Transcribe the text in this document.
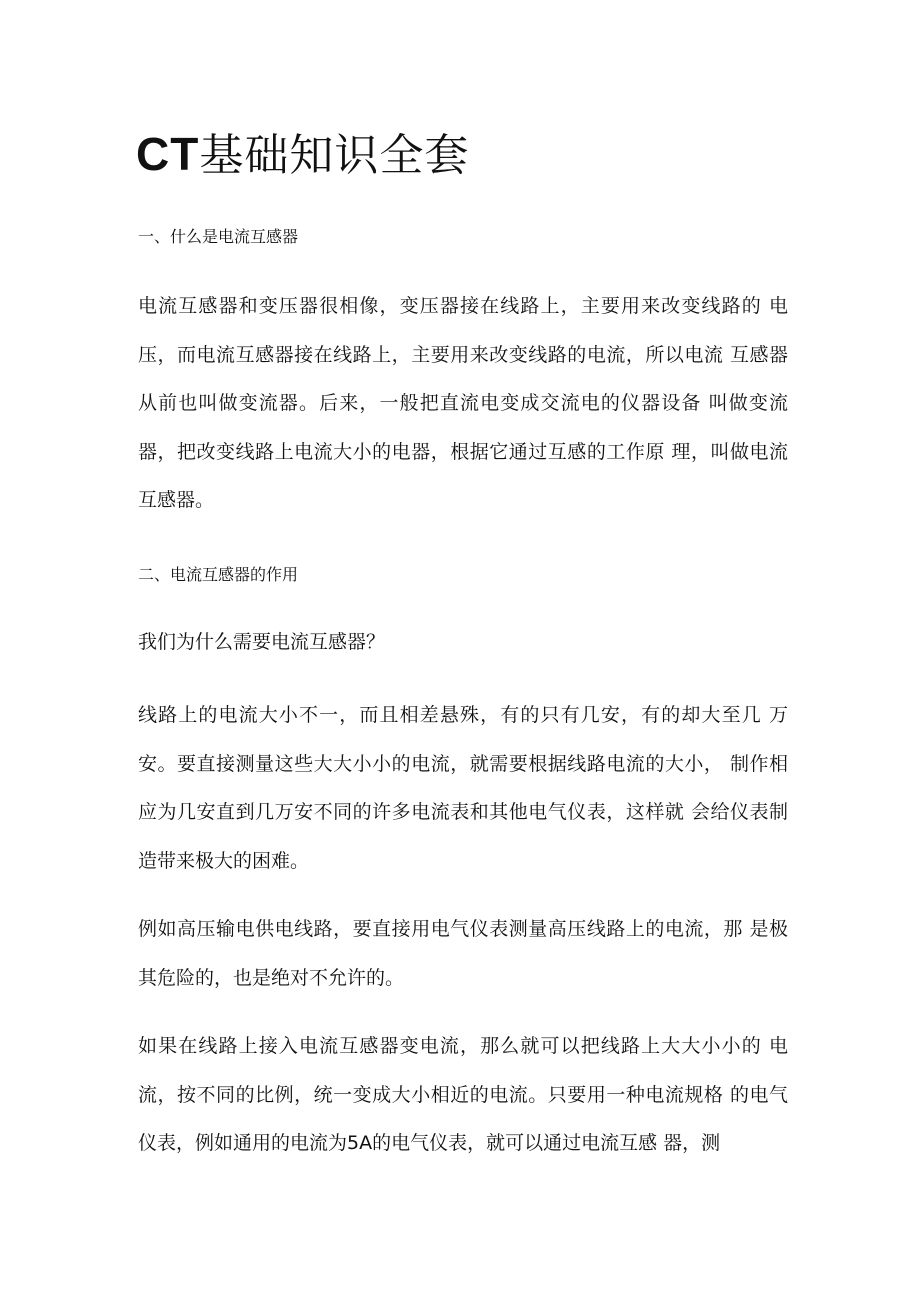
CT基础知识全套
一、什么是电流互感器

电流互感器和变压器很相像，变压器接在线路上，主要用来改变线路的 电压，而电流互感器接在线路上，主要用来改变线路的电流，所以电流 互感器从前也叫做变流器。后来，一般把直流电变成交流电的仪器设备 叫做变流器，把改变线路上电流大小的电器，根据它通过互感的工作原 理，叫做电流互感器。

二、电流互感器的作用

我们为什么需要电流互感器？

线路上的电流大小不一，而且相差悬殊，有的只有几安，有的却大至几 万安。要直接测量这些大大小小的电流，就需要根据线路电流的大小， 制作相应为几安直到几万安不同的许多电流表和其他电气仪表，这样就 会给仪表制造带来极大的困难。

例如高压输电供电线路，要直接用电气仪表测量高压线路上的电流，那 是极其危险的，也是绝对不允许的。

如果在线路上接入电流互感器变电流，那么就可以把线路上大大小小的 电流，按不同的比例，统一变成大小相近的电流。只要用一种电流规格 的电气仪表，例如通用的电流为5A的电气仪表，就可以通过电流互感 器，测
